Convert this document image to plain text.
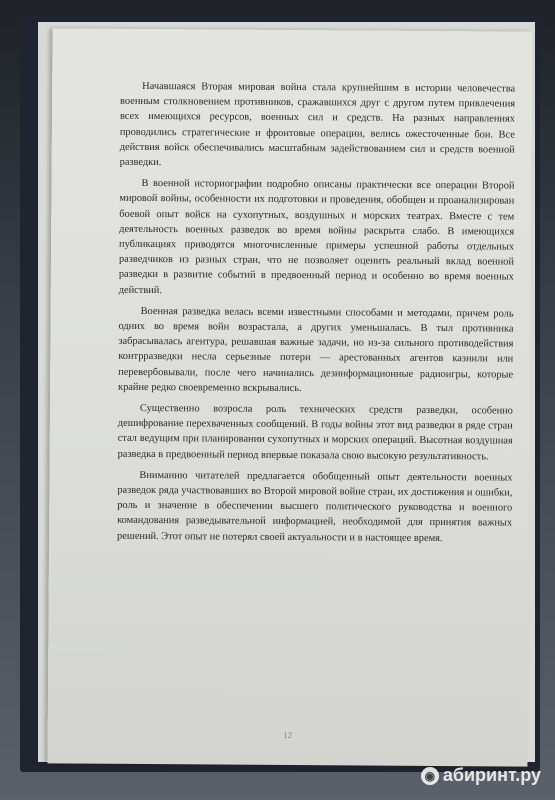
Начавшаяся Вторая мировая война стала крупнейшим в истории человечества военным столкновением противников, сражавшихся друг с другом путем привлечения всех имеющихся ресурсов, военных сил и средств. На разных направлениях проводились стратегические и фронтовые операции, велись ожесточенные бои. Все действия войск обеспечивались масштабным задействованием сил и средств военной разведки.

В военной историографии подробно описаны практически все операции Второй мировой войны, особенности их подготовки и проведения, обобщен и проанализирован боевой опыт войск на сухопутных, воздушных и морских театрах. Вместе с тем деятельность военных разведок во время войны раскрыта слабо. В имеющихся публикациях приводятся многочисленные примеры успешной работы отдельных разведчиков из разных стран, что не позволяет оценить реальный вклад военной разведки в развитие событий в предвоенный период и особенно во время военных действий.

Военная разведка велась всеми известными способами и методами, причем роль одних во время войн возрастала, а других уменьшалась. В тыл противника забрасывалась агентура, решавшая важные задачи, но из-за сильного противодействия контрразведки несла серьезные потери — арестованных агентов казнили или перевербовывали, после чего начинались дезинформационные радиоигры, которые крайне редко своевременно вскрывались.

Существенно возросла роль технических средств разведки, особенно дешифрование перехваченных сообщений. В годы войны этот вид разведки в ряде стран стал ведущим при планировании сухопутных и морских операций. Высотная воздушная разведка в предвоенный период впервые показала свою высокую результативность.

Вниманию читателей предлагается обобщенный опыт деятельности военных разведок ряда участвовавших во Второй мировой войне стран, их достижения и ошибки, роль и значение в обеспечении высшего политического руководства и военного командования разведывательной информацией, необходимой для принятия важных решений. Этот опыт не потерял своей актуальности и в настоящее время.

12
◉ абиринт.ру
